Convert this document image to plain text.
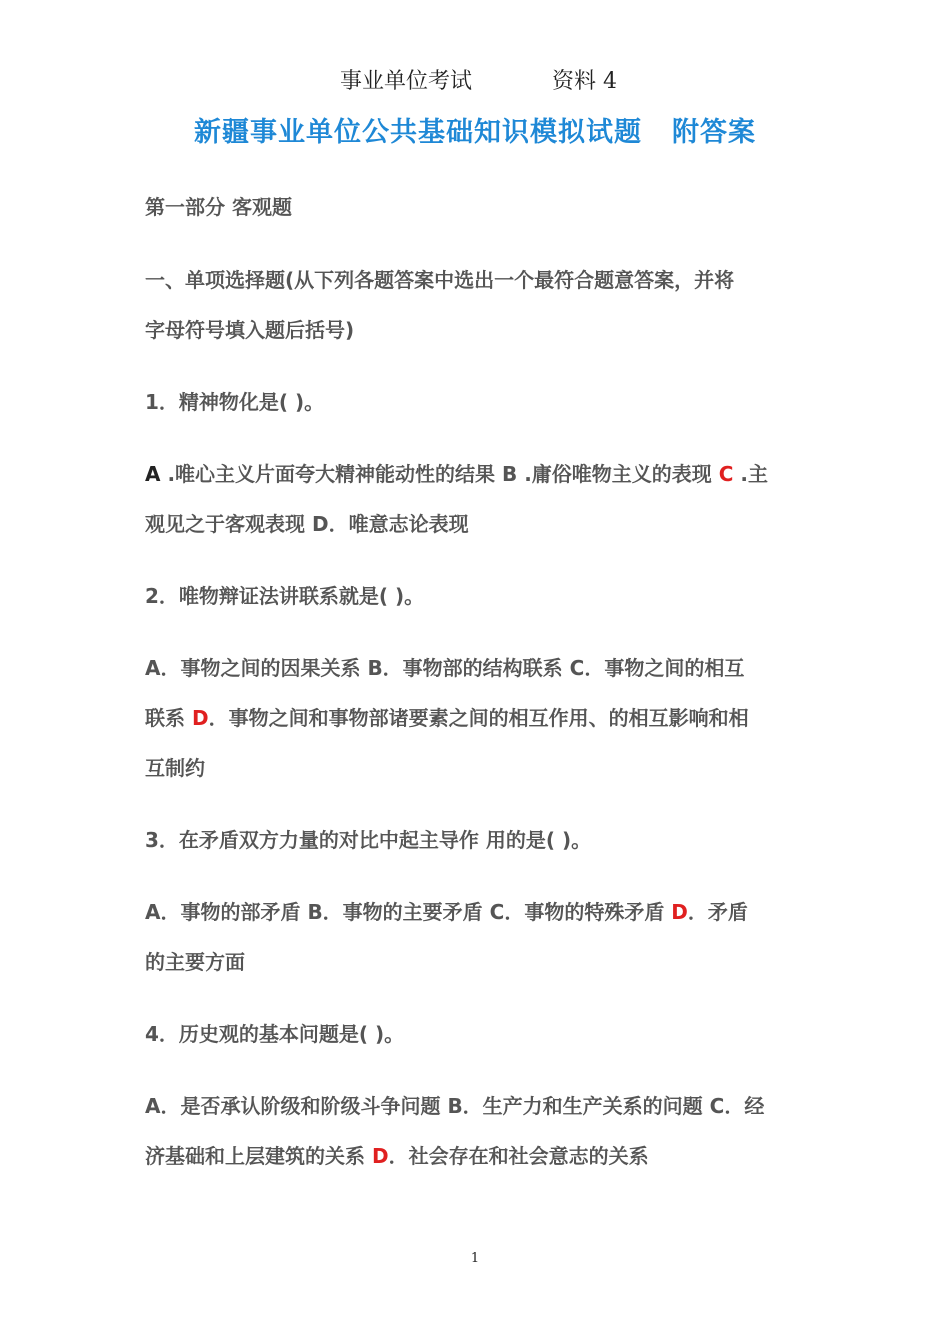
事业单位考试	资料 4
新疆事业单位公共基础知识模拟试题 附答案
第一部分 客观题
一、单项选择题(从下列各题答案中选出一个最符合题意答案，并将
字母符号填入题后括号)
1．精神物化是( )。
A .唯心主义片面夸大精神能动性的结果 B .庸俗唯物主义的表现 C .主
观见之于客观表现 D．唯意志论表现
2．唯物辩证法讲联系就是( )。
A．事物之间的因果关系 B．事物部的结构联系 C．事物之间的相互
联系 D．事物之间和事物部诸要素之间的相互作用、的相互影响和相
互制约
3．在矛盾双方力量的对比中起主导作 用的是( )。
A．事物的部矛盾 B．事物的主要矛盾 C．事物的特殊矛盾 D．矛盾
的主要方面
4．历史观的基本问题是( )。
A．是否承认阶级和阶级斗争问题 B．生产力和生产关系的问题 C．经
济基础和上层建筑的关系 D．社会存在和社会意志的关系
1
